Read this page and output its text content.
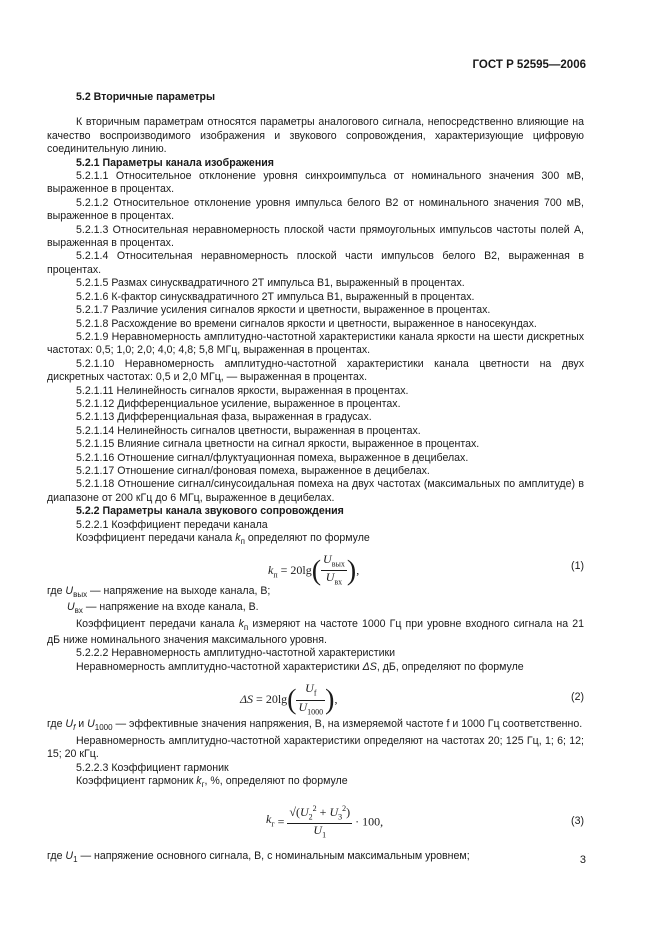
ГОСТ Р 52595—2006

5.2 Вторичные параметры

К вторичным параметрам относятся параметры аналогового сигнала, непосредственно влияющие на качество воспроизводимого изображения и звукового сопровождения, характеризующие цифровую соединительную линию.

5.2.1 Параметры канала изображения

5.2.1.1 Относительное отклонение уровня синхроимпульса от номинального значения 300 мВ, выраженное в процентах.

5.2.1.2 Относительное отклонение уровня импульса белого В2 от номинального значения 700 мВ, выраженное в процентах.

5.2.1.3 Относительная неравномерность плоской части прямоугольных импульсов частоты полей А, выраженная в процентах.

5.2.1.4 Относительная неравномерность плоской части импульсов белого В2, выраженная в процентах.

5.2.1.5 Размах синусквадратичного 2Т импульса В1, выраженный в процентах.

5.2.1.6 К-фактор синусквадратичного 2Т импульса В1, выраженный в процентах.

5.2.1.7 Различие усиления сигналов яркости и цветности, выраженное в процентах.

5.2.1.8 Расхождение во времени сигналов яркости и цветности, выраженное в наносекундах.

5.2.1.9 Неравномерность амплитудно-частотной характеристики канала яркости на шести дискретных частотах: 0,5; 1,0; 2,0; 4,0; 4,8; 5,8 МГц, выраженная в процентах.

5.2.1.10 Неравномерность амплитудно-частотной характеристики канала цветности на двух дискретных частотах: 0,5 и 2,0 МГц, — выраженная в процентах.

5.2.1.11 Нелинейность сигналов яркости, выраженная в процентах.

5.2.1.12 Дифференциальное усиление, выраженное в процентах.

5.2.1.13 Дифференциальная фаза, выраженная в градусах.

5.2.1.14 Нелинейность сигналов цветности, выраженная в процентах.

5.2.1.15 Влияние сигнала цветности на сигнал яркости, выраженное в процентах.

5.2.1.16 Отношение сигнал/флуктуационная помеха, выраженное в децибелах.

5.2.1.17 Отношение сигнал/фоновая помеха, выраженное в децибелах.

5.2.1.18 Отношение сигнал/синусоидальная помеха на двух частотах (максимальных по амплитуде) в диапазоне от 200 кГц до 6 МГц, выраженное в децибелах.

5.2.2 Параметры канала звукового сопровождения

5.2.2.1 Коэффициент передачи канала

Коэффициент передачи канала $k_п$ определяют по формуле

$k_п = 20\lg( \frac{U_{вых}}{U_{вх}}$ ),	(1)

где $U_{вых}$ — напряжение на выходе канала, В;

$U_{вх}$ — напряжение на входе канала, В.

Коэффициент передачи канала $k_п$ измеряют на частоте 1000 Гц при уровне входного сигнала на 21 дБ ниже номинального значения максимального уровня.

5.2.2.2 Неравномерность амплитудно-частотной характеристики

Неравномерность амплитудно-частотной характеристики ΔS, дБ, определяют по формуле

$\Delta S = 20\lg( \frac{U_f}{U_{1000}}$ ),	(2)

где $U_f$ и $U_{1000}$ — эффективные значения напряжения, В, на измеряемой частоте f и 1000 Гц соответственно.

Неравномерность амплитудно-частотной характеристики определяют на частотах 20; 125 Гц, 1; 6; 12; 15; 20 кГц.

5.2.2.3 Коэффициент гармоник

Коэффициент гармоник $k_г$, %, определяют по формуле

$k_г = \frac{√(U_2^2 + U_3^2)}{U_1} \cdot 100$,	(3)

где $U_1$ — напряжение основного сигнала, В, с номинальным максимальным уровнем;	3
